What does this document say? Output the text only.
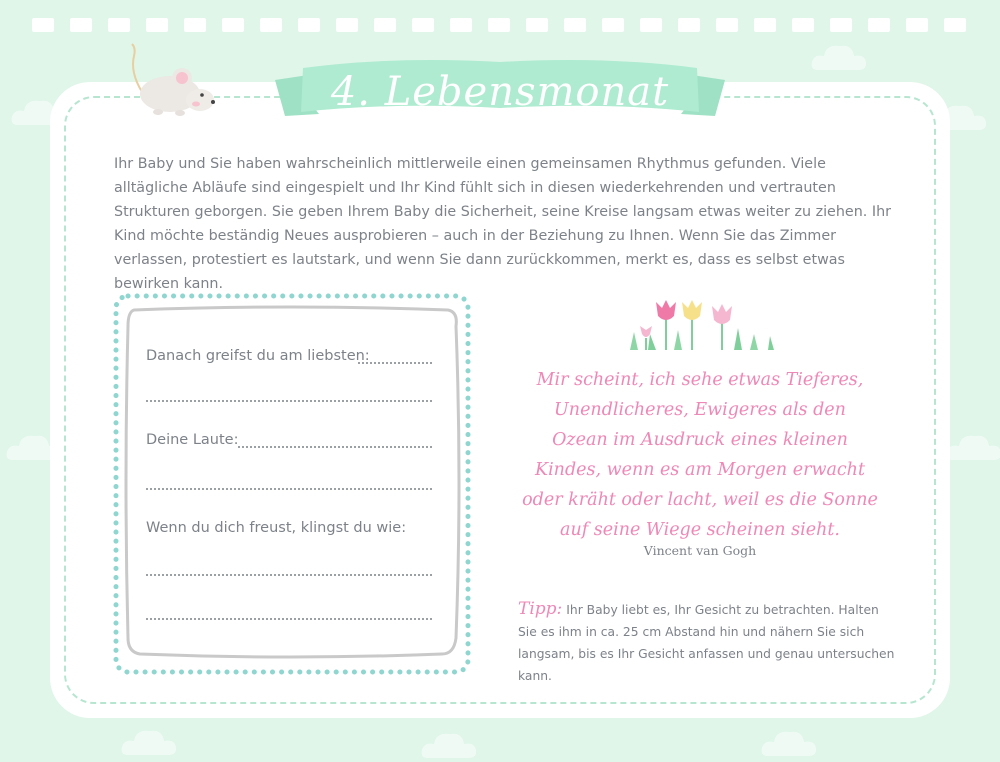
4. Lebensmonat
Ihr Baby und Sie haben wahrscheinlich mittlerweile einen gemeinsamen Rhythmus gefunden. Viele alltägliche Abläufe sind eingespielt und Ihr Kind fühlt sich in diesen wiederkehrenden und vertrauten Strukturen geborgen. Sie geben Ihrem Baby die Sicherheit, seine Kreise langsam etwas weiter zu ziehen. Ihr Kind möchte beständig Neues ausprobieren – auch in der Beziehung zu Ihnen. Wenn Sie das Zimmer verlassen, protestiert es lautstark, und wenn Sie dann zurückkommen, merkt es, dass es selbst etwas bewirken kann.
Danach greifst du am liebsten:
Deine Laute:
Wenn du dich freust, klingst du wie:
Mir scheint, ich sehe etwas Tieferes,
Unendlicheres, Ewigeres als den
Ozean im Ausdruck eines kleinen
Kindes, wenn es am Morgen erwacht
oder kräht oder lacht, weil es die Sonne
auf seine Wiege scheinen sieht.
Vincent van Gogh
Tipp: Ihr Baby liebt es, Ihr Gesicht zu betrachten. Halten Sie es ihm in ca. 25 cm Abstand hin und nähern Sie sich langsam, bis es Ihr Gesicht anfassen und genau untersuchen kann.
